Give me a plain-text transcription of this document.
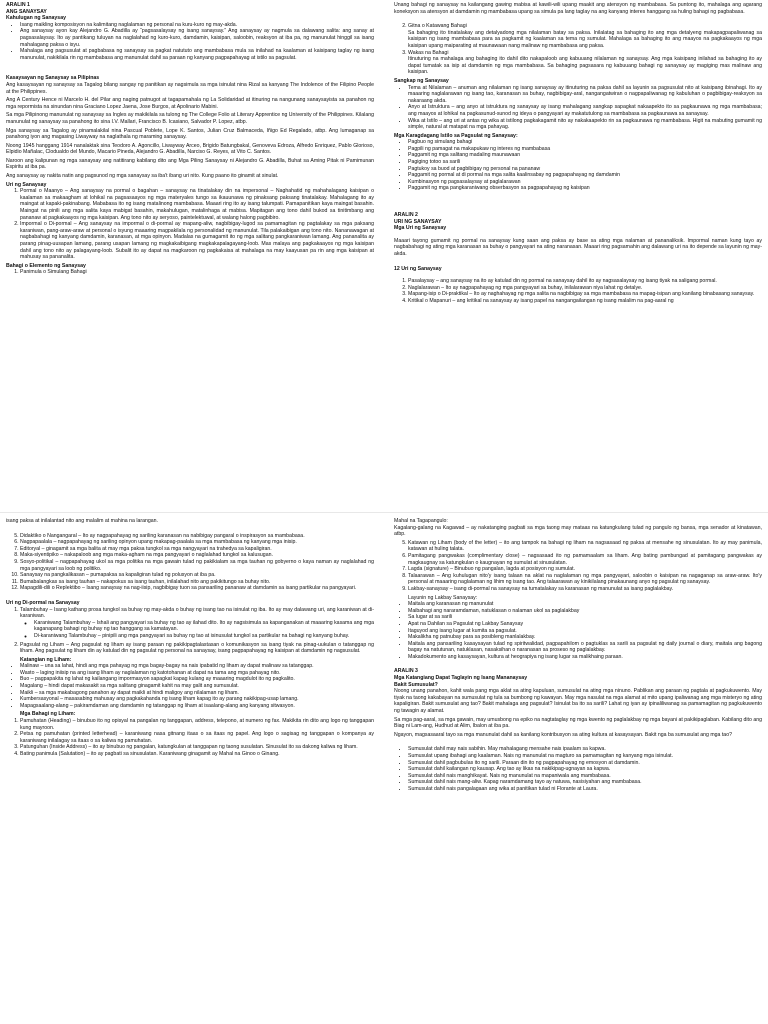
ARALIN 1
ANG SANAYSAY
Kahulugan ng Sanaysay
• Isang maikling komposisyon na kalimitang naglalaman ng personal na kuru-kuro ng may-akda.
• Ang sanaysay ayon kay Alejandro G. Abadilla ay “pagsasalaysay ng isang sanaysay.” Ang sanaysay ay nagmula sa dalawang salita: ang sanay at pagsasalaysay. Ito ay pantikang tuluyan na naglalahad ng kuro-kuro, damdamin, kaisipan, saloobin, reaksyon at iba pa, ng manunulat hinggil sa isang mahalagang paksa o isyu.
• Mahalaga ang pagsusulat at pagbabasa ng sanaysay sa pagkat natututo ang mambabasa mula sa inilahad na kaalaman at kaisipang taglay ng isang manunulat, nakikilala rin ng mambabasa ang manunulat dahil sa paraan ng kanyang pagpapahayag at istilo sa pagsulat.
Kasaysayan ng Sanaysay sa Pilipinas

Ang kasaysayan ng sanaysay sa Tagalog bilang sangay ng panitikan ay nagsimula sa mga isinulat nina Rizal sa kanyang The Indolence of the Filipino People at the Philippines.

Ang A Century Hence ni Marcelo H. del Pilar ang naging patnugot at tagapamahala ng La Solidaridad at itinuring na nangunang sanaysayista sa panahon ng mga repormista na sinundan nina Graciano Lopez Jaena, Jose Burgos, at Apolinario Mabini.

Sa mga Pilipinong manunulat ng sanaysay sa Ingles ay makikilala sa tulong ng The College Folio at Literary Apprentice ng University of the Philippines. Kilalang manunulat ng sanaysay sa panahong ito sina I.V. Mallari, Francisco B. Icasiano, Salvador P. Lopez, atbp.

Mga sanaysay sa Tagalog ay pinamalakilal nina Pascual Poblete, Lope K. Santos, Julian Cruz Balmaceda, Iñigo Ed Regalado, atbp. Ang lumaganap sa panahong iyon ang magasing Liwayway na naglathala ng maraming sanaysay.

Noong 1945 hanggang 1914 nanalaktak sina Teodoro A. Agoncillo, Liwayway Arceo, Brigido Batungbakal, Genoveva Edroza, Alfredo Enriquez, Pablo Glorioso, Elpidio Mañalac, Clodualdo del Mundo, Macario Pineda, Alejandro G. Abadilla, Narciso G. Reyes, at Vito C. Santos.

Naroon ang kalipunan ng mga sanaysay ang natitirang kabilang dito ang Mga Piling Sanaysay ni Alejandro G. Abadilla, Buhat sa Aming Pitak ni Pamimunan Espiritu at iba pa.

Ang sanaysay ay nakita natin ang pagsunod ng mga sanaysay sa iba't ibang uri nito. Kung paano ito ginamit at sinulat.

Uri ng Sanaysay
1. Pormal o Maanyo – Ang sanaysay na pormal o bagahan – sanaysay na tinatalakay din na impersonal – Naghahatid ng mahahalagang kaisipan o kaalaman sa makaagham at lohikal na pagsasaayos ng mga materyales tungo sa ikauunawa ng pinaksang paksang tinatalakay. Mahalagang ito ay maingat at kapaki-pakinabang. Mababasa ito ng isang matalinong mambabasa. Maaari ring ito ay isang talumpati. Pamapanitikan kaya maingat basahin. Maingat na pinili ang mga salita kaya mabigat basahin, makahulugan, matalinhaga at mabisa. Mapitagan ang tono dahil bukod sa tinitimbang ang pananaw at pagkakaayos ng mga kaisipan. Ang tono nito ay seryoso, paintelektuwal, at walang halong pagbibiro.
2. Impormal o Di-pormal – Ang sanaysay na impormal o di-pormal ay mapang-aliw, nagbibigay-lugod sa pamamagitan ng pagtalakay sa mga paksang karaniwan, pang-araw-araw at personal o isyung maaaring magpakilala ng personalidad ng manunulat. Tila palakaibigan ang tono nito. Nananawagan at nagbabahagi ng kanyang damdamin, karanasan, at mga opinyon. Madalas na gumagamit ito ng mga salitang pangkaraniwan lamang. Ang pananalita ay parang pinag-uusapan lamang, parang usapan lamang ng magkakaibigang magkakapalagayang-loob. Mas malaya ang pagkakaayos ng mga kaisipan dahil ang tono nito ay palagayang-loob. Subalit ito ay dapat na magkaroon ng pagkakaisa at mahalaga na may kaayusan pa rin ang mga kaisipan at mahusay sa pananalita.
Bahagi o Elemento ng Sanaysay
1. Panimula o Simulang Bahagi

Unang bahagi ng sanaysay na kailangang gawing mabisa at kawili-wili upang maakit ang atensyon ng mambabasa. Sa puntong ito, mahalaga ang agarang koneksyon sa atensyon at damdamin ng mambabasa upang sa simula pa lang taglay na ang kanyang interes hanggang sa huling bahagi ng pagbabasa.

2. Gitna o Katawang Bahagi
Sa bahaging ito tinatalakay ang detalyadong mga nilalaman batay sa paksa. Inilalatag sa bahaging ito ang mga detalyeng makapagpapaliwanag sa kaisipan ng isang mambabasa para sa pagkamit ng kaalaman sa tema ng sumulat. Mahalaga sa bahaging ito ang maayos na pagkakaayos ng mga kaisipan upang maiparating at maunawaan nang malinaw ng mambabasa ang paksa.
3. Wakas na Bahagi
Itinuturing na mahalaga ang bahaging ito dahil dito nakapaloob ang kabuuang nilalaman ng sanaysay. Ang mga kaisipang inilahad sa bahaging ito ay dapat tumatak sa isip at damdamin ng mga mambabasa. Sa bahaging pagsasara ng kabuuang bahagi ng sanaysay ay magiging mas malinaw ang kaisipan.
Sangkap ng Sanaysay
• Tema at Nilalaman – anuman ang nilalaman ng isang sanaysay ay itinuturing na paksa dahil sa layunin sa pagsusulat nito at kaisipang ibinahagi. Ito ay maaaring naglalarawan ng isang tao, karanasan sa buhay, nagbibigay-aral, nangangatwiran o nagpapaliwanag ng kabuluhan o pagbibigay-reaksyon sa nakaraang akda.
• Anyo at Istruktura – ang anyo at istruktura ng sanaysay ay isang mahalagang sangkap sapagkat nakaapekto ito sa pagkaunawa ng mga mambabasa; ang maayos at lohikal na pagkasunud-sunod ng ideya o pangyayari ay makatutulong sa mambabasa sa pagkaunawa sa sanaysay.
• Wika at Istilo – ang uri at antas ng wika at istilong pagkakagamit nito ay nakakaapekto rin sa pagkaunawa ng mambabasa. Higit na mabuting gumamit ng simple, natural at matapat na mga pahayag.
Mga Karagdagang Istilo sa Pagsulat ng Sanaysay:
• Pagbuo ng simulang bahagi
• Pagpili ng pamagat na makapukaw ng interes ng mambabasa
• Paggamit ng mga salitang madaling maunawaan
• Pagiging totoo sa sarili
• Pagtukoy sa buod at pagbibigay ng personal na pananaw
• Paggamit ng pormal at di pormal na mga salita kaalinsabay ng pagpapahayag ng damdamin
• Kumbinasyon ng pagsasalaysay at paglalarawan
• Paggamit ng mga pangkaraniwang obserbasyon sa pagpapahayag ng kaisipan
ARALIN 2
URI NG SANAYSAY
Mga Uri ng Sanaysay

Maaari tayong gumamit ng pormal na sanaysay kung saan ang paksa ay base sa ating mga nalaman at pananaliksik. Impormal naman kung tayo ay nagbabahagi ng ating mga karanasan sa buhay o pangyayari na ating naranasan. Maaari ring pagsamahin ang dalawang uri na ito depende sa layunin ng may-akda.

12 Uri ng Sanaysay
1. Pasalaysay – ang sanaysay na ito ay katulad din ng pormal na sanaysay dahil ito ay nagsasalaysay ng isang tiyak na saligang pormal.
2. Naglalarawan – Ito ay nagpapahayag ng mga pangyayari sa buhay, inilalarawan niya lahat ng detalye.
3. Mapang-isip o Di-praktikal – Ito ay naghahayag ng mga salita na nagbibigay sa mga mambabasa na mapag-isipan ang kanilang binabasang sanaysay.
4. Kritikal o Mapanuri – ang kritikal na sanaysay ay isang papel na nangangailangan ng isang malalim na pag-aaral ng

isang paksa at inilalantad nito ang malalim at mahina na larangan.

5. Didaktiko o Nangangaral – Ito ay nagpapahayag ng sariling karanasan na nabibigay pangaral o inspirasyon sa mambabasa.
6. Nagpapaalala – nagpapahayag ng sariling opinyon upang makapag-paalala sa mga mambabasa ng kanyang mga inisip.
7. Editoryal – ginagamit sa mga balita at may mga paksa tungkol sa mga nangyayari na trahedya sa kapaligiran.
8. Maka-siyentipiko – nakapaloob ang mga maka-agham na mga pangyayari o naglalahad tungkol sa kalusugan.
9. Sosyo-politikal – nagpapahayag ukol sa mga politika na mga gawain tulad ng pakikialam sa mga tauhan ng gobyerno o kaya naman ay naglalahad ng mga pangyayari sa loob ng politiko.
10. Sanaysay na pangkalikasan – pumapaksa sa kapaligiran tulad ng polusyon at iba pa.
11. Bumabalangkas sa isang tauhan – nakapokus sa isang tauhan, inilalahad nito ang pakikitungo sa buhay nito.
12. Mapagdili-dili o Replektibo – Isang sanaysay na nag-iisip, nagbibigay tuon sa pansariling pananaw at damdamin sa isang partikular na pangyayari.
Uri ng Di-pormal na Sanaysay
1. Talambuhay – Isang kathang prosa tungkol sa buhay ng may-akda o buhay ng isang tao na isinulat ng iba. Ito ay may dalawang uri, ang karaniwan at di-karaniwan.
◦ Karaniwang Talambuhay – Ishali ang pangyayari sa buhay ng tao ay ilahad dito. Ito ay nagsisimula sa kapanganakan at maaaring kasama ang mga kaganapang bahagi ng buhay ng tao hanggang sa kamatayan.
◦ Di-karaniwang Talambuhay – pinipili ang mga pangyayari sa buhay ng tao at isinusulat tungkol sa partikular na bahagi ng kanyang buhay.
2. Pagsulat ng Liham – Ang pagsulat ng liham ay isang paraan ng pakikipagtalastasan o komunikasyon sa isang tiyak na pinag-uukulan o tatanggap ng liham. Ang pagsulat ng liham din ay katulad din ng pagsulat ng personal na sanaysay, isang pagpapahayag ng kaisipan at damdamin ng nagsusulat.
Katangian ng Liham:
• Malinaw – una sa lahat, hindi ang mga pahayag ng mga bagay-bagay na nais ipabatid ng liham ay dapat malinaw sa tatanggap.
• Wasto – laging iniisip na ang isang liham ay naglalaman ng katotohanan at dapat na tama ang mga pahayag nito.
• Buo – pagpapakita ng lahat ng kailangang impormasyon sapagkat kapag kulang ay maaaring magdulot ito ng pagkalito.
• Magalang – hindi dapat makasakit sa mga salitang ginagamit kahit na may galit ang sumusulat.
• Maikli – sa mga makabagong panahon ay dapat maikli at hindi maligoy ang nilalaman ng liham.
• Kumbersasyonal – masasabing mahusay ang pagkakahanda ng isang liham kapag ito ay parang nakikipag-usap lamang.
• Mapagsaalang-alang – pakiramdaman ang damdamin ng tatanggap ng liham at isaalang-alang ang kanyang sitwasyon.
Mga Bahagi ng Liham:
1. Pamuhatan (Heading) – binubuo ito ng opisyal na pangalan ng tanggapan, address, telepono, at numero ng fax. Makikita rin dito ang logo ng tanggapan kung mayroon.
2. Petsa ng pamuhatan (printed letterhead) – karaniwang nasa gitnang itaas o sa itaas ng papel. Ang logo o sagisag ng tanggapan o kompanya ay karaniwang inilalagay sa itaas o sa kaliwa ng pamuhatan.
3. Patunguhan (Inside Address) – ito ay binubuo ng pangalan, katungkulan at tanggapan ng taong susulatan. Sinusulat ito sa dakong kaliwa ng liham.
4. Bating panimula (Salutation) – ito ay pagbati sa sinusulatan. Karaniwang ginagamit ay Mahal na Ginoo o Ginang.
Mahal na Tagapangulo:

Kagalang-galang na Kagawad – ay nakatanging pagbati sa mga taong may mataas na katungkulang tulad ng pangulo ng bansa, mga senador at kinatawan, atbp.

5. Katawan ng Liham (body of the letter) – ito ang tampok na bahagi ng liham na nagsasaad ng paksa at mensahe ng sinusulatan. Ito ay may panimula, katawan at huling talata.
6. Pamitagang pangwakas (complimentary close) – nagsasaad ito ng pamamaalam sa liham. Ang bating pambungad at pamitagang pangwakas ay magkaugnay sa katungkulan o kaugnayan ng sumulat at sinusulatan.
7. Lagda (signature) – Binubuo ng pangalan, lagda at posisyon ng sumulat.
8. Talaarawan – Ang kuhulugan nito'y isang talaan na aklat na naglalaman ng mga pangyayari, saloobin o kaisipan na nagaganap sa araw-araw. Ito'y personal at maaaring naglalaman ng lihim ng isang tao. Ang talaarawan ay kinikilalang pinakaunang anyo ng pagsulat ng sanaysay.
9. Lakbay-sanaysay – isang di-pormal na sanaysay na tumatalakay sa karanasan ng manunulat sa isang paglalakbay.
Layunin ng Lakbay Sanaysay:
• Maitala ang karanasan ng manunulat
• Maibahagi ang nararamdaman, natuklasan o nalaman ukol sa paglalakbay
• Sa lugar at sa sarili
• Apat na Dahilan sa Pagsulat ng Lakbay Sanaysay
• Itaguyod ang isang lugar at kumita sa pagsulat.
• Makalikha ng patnubay para sa posibleng manlalakbay.
• Maitala ang pansariling kasaysayan tulad ng spiritwalidad, pagpapahilom o pagtuklas sa sarili sa pagsulat ng daily journal o diary, maitala ang bagong bagay na natutunan, natuklasan, nasaksihan o naranasan sa proseso ng paglalakbay.
• Makadokumento ang kasaysayan, kultura at heograpiya ng isang lugar sa malikhaing paraan.
ARALIN 3
Mga Katangiang Dapat Taglayin ng Isang Mananaysay
Bakit Sumusulat?

Noong unang panahon, kahit wala pang mga aklat sa ating kapuluan, sumusulat na ating mga ninuno. Pablikan ang paraan ng pagtala at pagkukuwento. May tiyak na taong kakabayan na sumusulat ng tula sa bumbong ng kawayan. May mga nasulat na mga alamat at mito upang ipaliwanag ang mga misteryo ng ating kapaligiran. Bakit sumusulat ang tao? Bakit mahalaga ang pagsulat? Isinulat ba ito sa sarili? Lahat ng iyan ay ipinaliliwanag sa pamamagitan ng pagkukuwento ng tawagin ay alamat.

Sa mga pag-aaral, sa mga gawain, may umusbong na epiko na nagtataglay ng mga kwento ng paglalakbay ng mga bayani at pakikipaglaban. Kabilang dito ang Biag ni Lam-ang, Hudhud at Alim, Ibalon at iba pa.

Ngayon, magsasaaral tayo sa mga manunulat dahil sa kanilang kontribusyon sa ating kultura at kasaysayan. Bakit nga ba sumusulat ang mga tao?

• Sumusulat dahil may nais sabihin. May mahalagang mensahe nais ipaalam sa kapwa.
• Sumusulat upang ibahagi ang kaalaman. Nais ng manunulat na magturo sa pamamagitan ng kanyang mga isinulat.
• Sumusulat dahil pagbubulas ito ng sarili. Paraan din ito ng pagpapahayag ng emosyon at damdamin.
• Sumusulat dahil kailangan ng kausap. Ang tao ay likas na nakikipag-ugnayan sa kapwa.
• Sumusulat dahil nais manghikayat. Nais ng manunulat na mapaniwala ang mambabasa.
• Sumusulat dahil nais mang-aliw. Kapag naramdamang tayo ay natuwa, nasisiyahan ang mambabasa.
• Sumusulat dahil nais pangalagaan ang wika at panitikan tulad ni Florante at Laura.
